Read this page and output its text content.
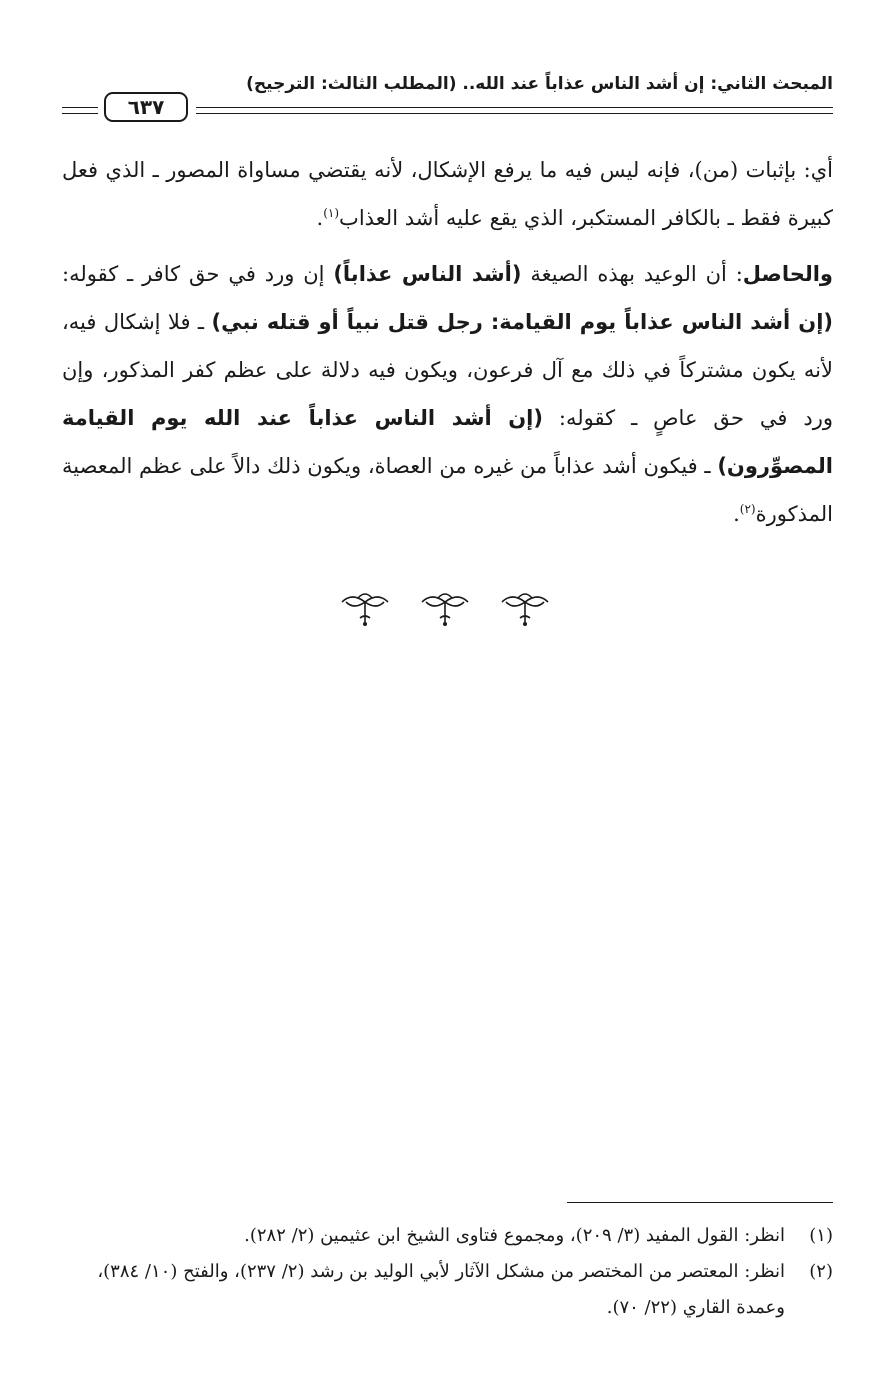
المبحث الثاني: إن أشد الناس عذاباً عند الله.. (المطلب الثالث: الترجيح)
٦٣٧

أي: بإثبات (من)، فإنه ليس فيه ما يرفع الإشكال، لأنه يقتضي مساواة المصور ـ الذي فعل كبيرة فقط ـ بالكافر المستكبر، الذي يقع عليه أشد العذاب$^{(١)}$.

والحاصل: أن الوعيد بهذه الصيغة (أشد الناس عذاباً) إن ورد في حق كافر ـ كقوله: (إن أشد الناس عذاباً يوم القيامة: رجل قتل نبياً أو قتله نبي) ـ فلا إشكال فيه، لأنه يكون مشتركاً في ذلك مع آل فرعون، ويكون فيه دلالة على عظم كفر المذكور، وإن ورد في حق عاصٍ ـ كقوله: (إن أشد الناس عذاباً عند الله يوم القيامة المصوِّرون) ـ فيكون أشد عذاباً من غيره من العصاة، ويكون ذلك دالاً على عظم المعصية المذكورة$^{(٢)}$.

(١)
انظر: القول المفيد (٣/ ٢٠٩)، ومجموع فتاوى الشيخ ابن عثيمين (٢/ ٢٨٢).
(٢)
انظر: المعتصر من المختصر من مشكل الآثار لأبي الوليد بن رشد (٢/ ٢٣٧)، والفتح (١٠/ ٣٨٤)، وعمدة القاري (٢٢/ ٧٠).
